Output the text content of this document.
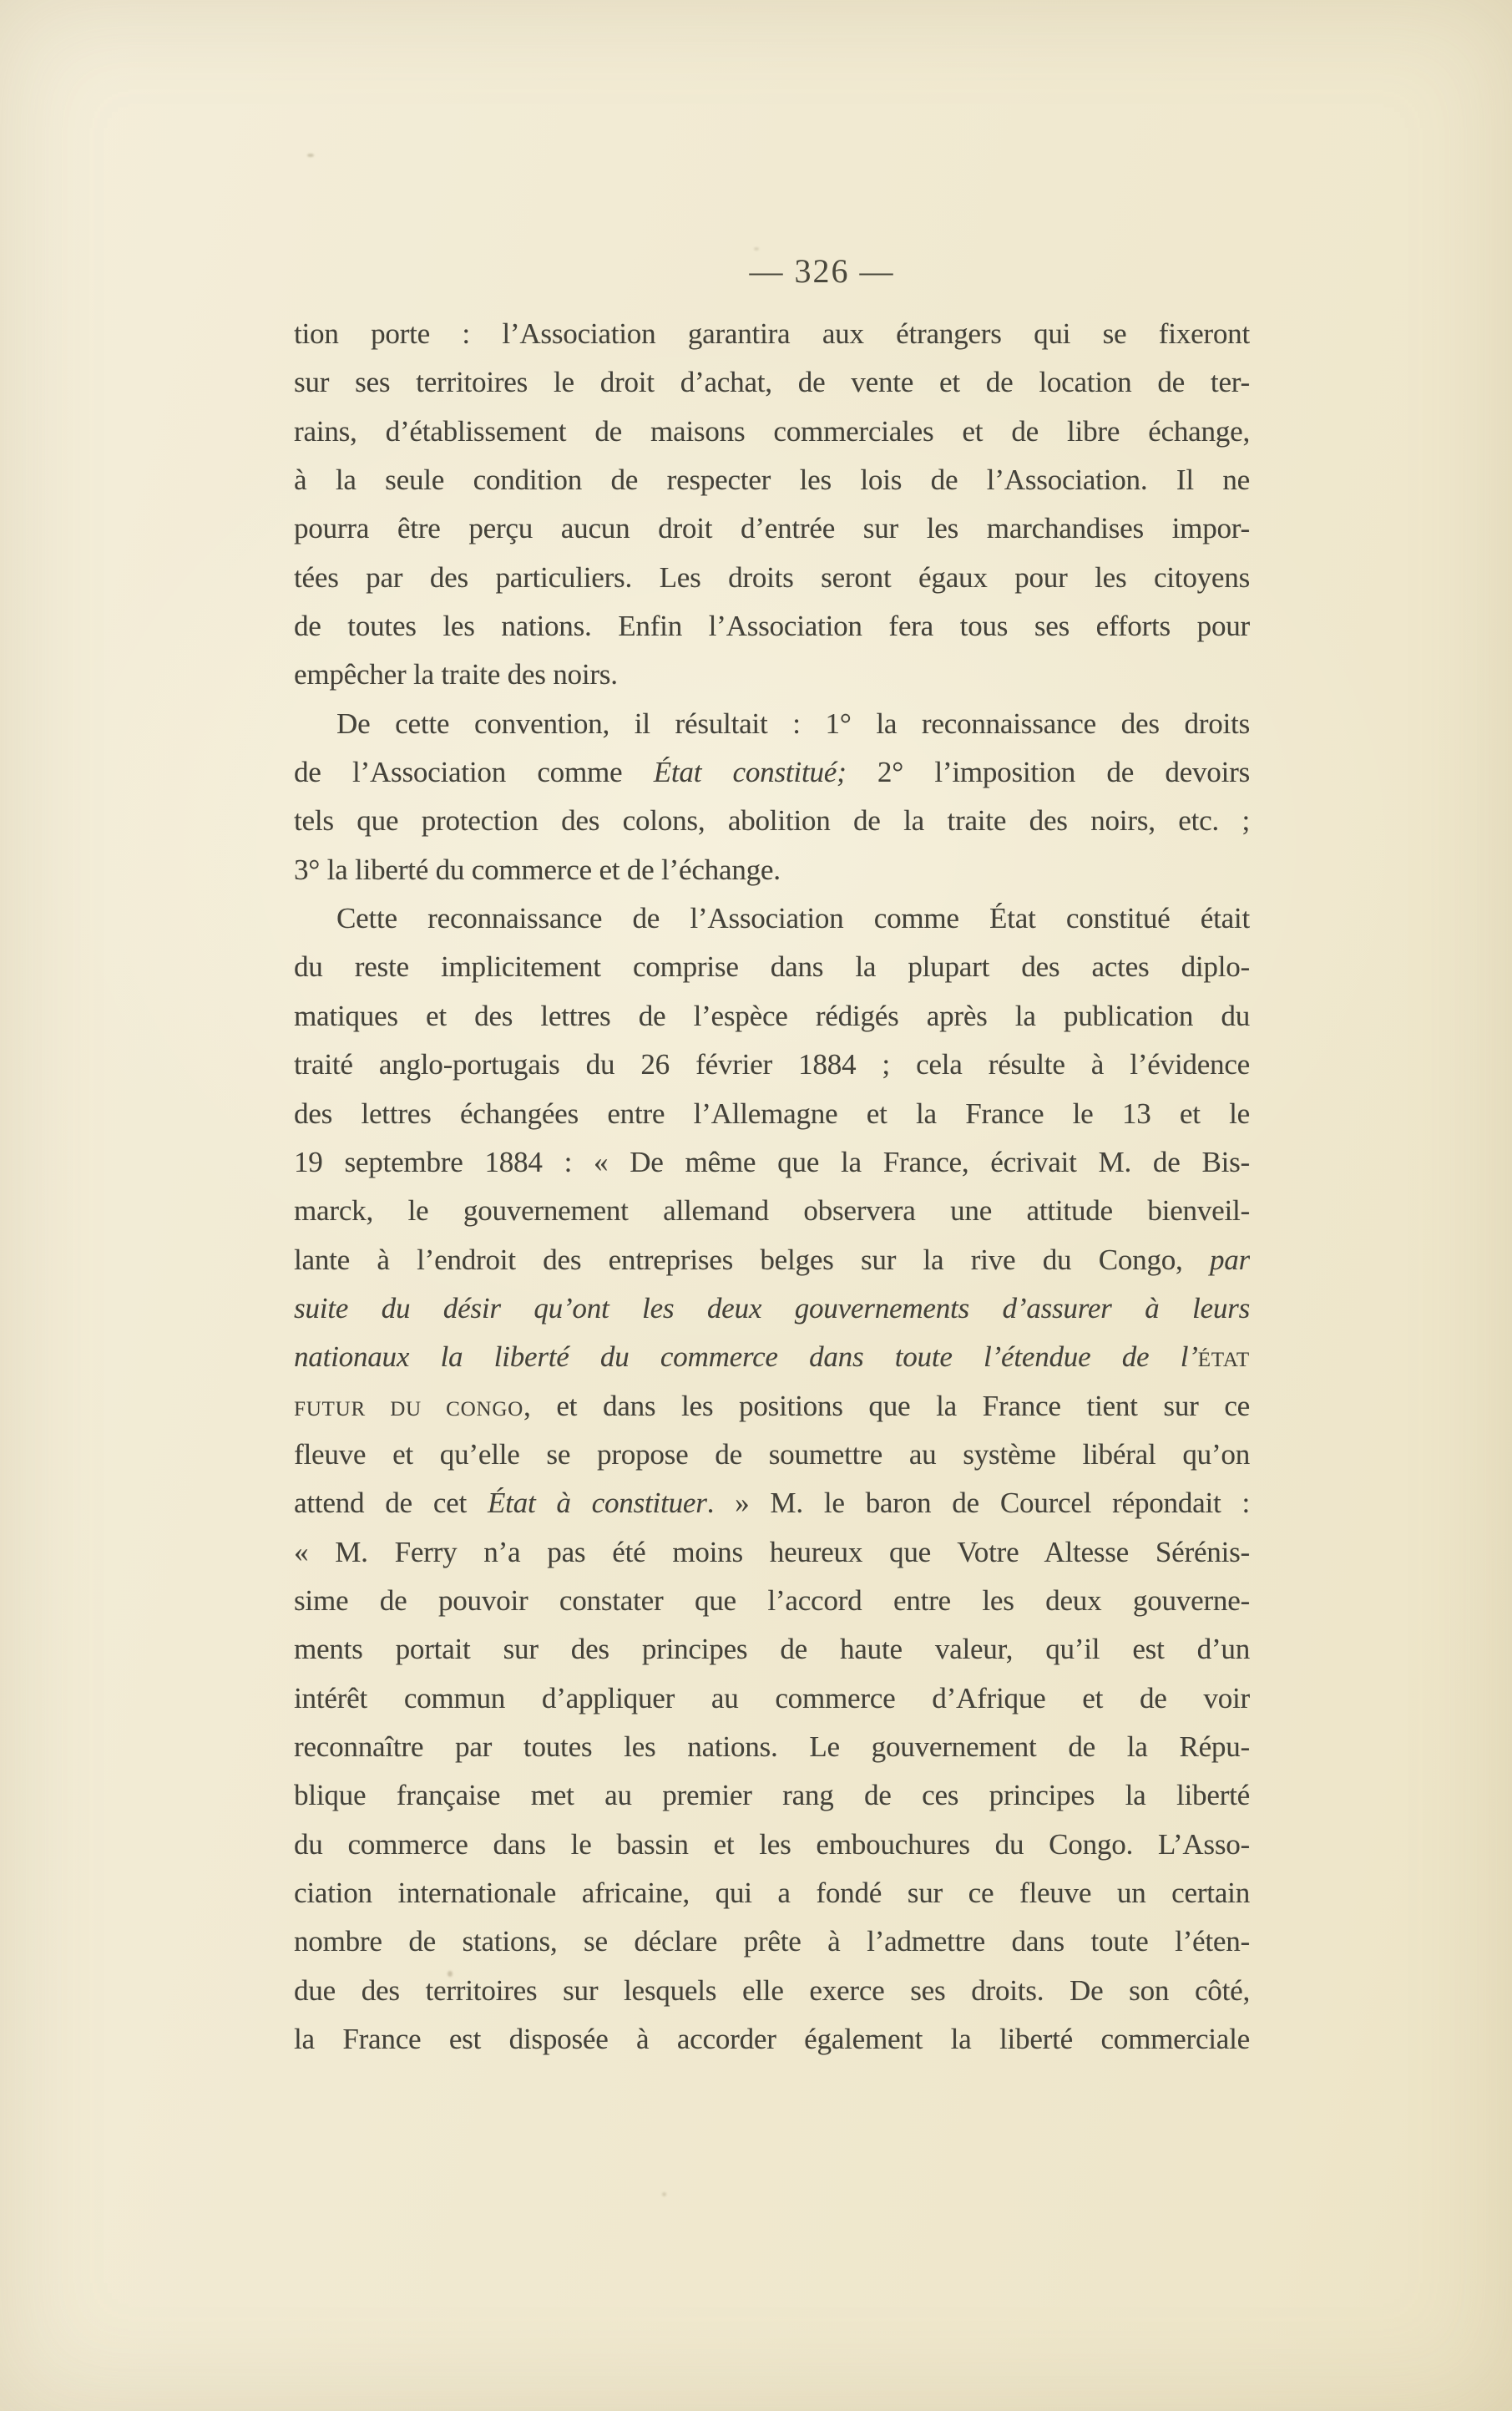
— 326 —
tion porte : l’Association garantira aux étrangers qui se fixeront
sur ses territoires le droit d’achat, de vente et de location de ter-
rains, d’établissement de maisons commerciales et de libre échange,
à la seule condition de respecter les lois de l’Association. Il ne
pourra être perçu aucun droit d’entrée sur les marchandises impor-
tées par des particuliers. Les droits seront égaux pour les citoyens
de toutes les nations. Enfin l’Association fera tous ses efforts pour
empêcher la traite des noirs.
De cette convention, il résultait : 1° la reconnaissance des droits
de l’Association comme État constitué; 2° l’imposition de devoirs
tels que protection des colons, abolition de la traite des noirs, etc. ;
3° la liberté du commerce et de l’échange.
Cette reconnaissance de l’Association comme État constitué était
du reste implicitement comprise dans la plupart des actes diplo-
matiques et des lettres de l’espèce rédigés après la publication du
traité anglo-portugais du 26 février 1884 ; cela résulte à l’évidence
des lettres échangées entre l’Allemagne et la France le 13 et le
19 septembre 1884 : « De même que la France, écrivait M. de Bis-
marck, le gouvernement allemand observera une attitude bienveil-
lante à l’endroit des entreprises belges sur la rive du Congo, par
suite du désir qu’ont les deux gouvernements d’assurer à leurs
nationaux la liberté du commerce dans toute l’étendue de l’État
Futur du Congo, et dans les positions que la France tient sur ce
fleuve et qu’elle se propose de soumettre au système libéral qu’on
attend de cet État à constituer. » M. le baron de Courcel répondait :
« M. Ferry n’a pas été moins heureux que Votre Altesse Sérénis-
sime de pouvoir constater que l’accord entre les deux gouverne-
ments portait sur des principes de haute valeur, qu’il est d’un
intérêt commun d’appliquer au commerce d’Afrique et de voir
reconnaître par toutes les nations. Le gouvernement de la Répu-
blique française met au premier rang de ces principes la liberté
du commerce dans le bassin et les embouchures du Congo. L’Asso-
ciation internationale africaine, qui a fondé sur ce fleuve un certain
nombre de stations, se déclare prête à l’admettre dans toute l’éten-
due des territoires sur lesquels elle exerce ses droits. De son côté,
la France est disposée à accorder également la liberté commerciale
